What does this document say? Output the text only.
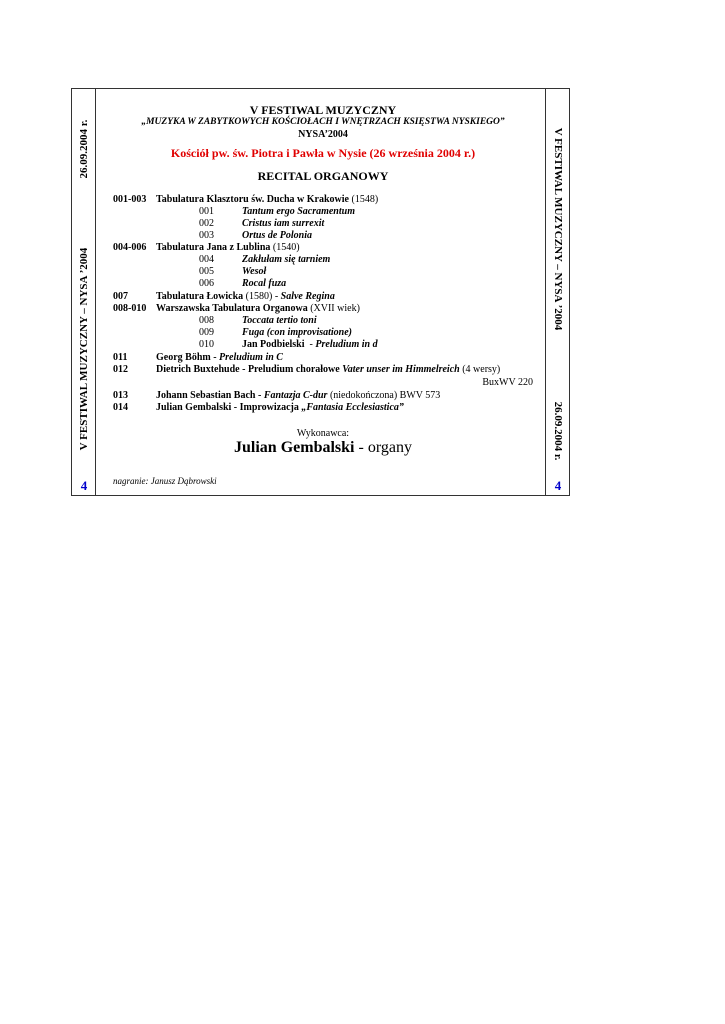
26.09.2004 r.
V FESTIWAL MUZYCZNY – NYSA ’2004
4
V FESTIWAL MUZYCZNY – NYSA ’2004
26.09.2004 r.
4
V FESTIWAL MUZYCZNY
„MUZYKA W ZABYTKOWYCH KOŚCIOŁACH I WNĘTRZACH KSIĘSTWA NYSKIEGO”
NYSA’2004
Kościół pw. św. Piotra i Pawła w Nysie (26 września 2004 r.)
RECITAL ORGANOWY
001-003 Tabulatura Klasztoru św. Ducha w Krakowie (1548)
001	Tantum ergo Sacramentum
002	Cristus iam surrexit
003	Ortus de Polonia
004-006 Tabulatura Jana z Lublina (1540)
004	Zakłułam się tarniem
005	Wesoł
006	Rocal fuza
007	Tabulatura Łowicka (1580) - Salve Regina
008-010 Warszawska Tabulatura Organowa (XVII wiek)
008	Toccata tertio toni
009	Fuga (con improvisatione)
010	Jan Podbielski  - Preludium in d
011	Georg Böhm - Preludium in C
012	Dietrich Buxtehude - Preludium chorałowe Vater unser im Himmelreich (4 wersy)
BuxWV 220
013	Johann Sebastian Bach - Fantazja C-dur (niedokończona) BWV 573
014	Julian Gembalski - Improwizacja „Fantasia Ecclesiastica”
Wykonawca:
Julian Gembalski - organy
nagranie: Janusz Dąbrowski
